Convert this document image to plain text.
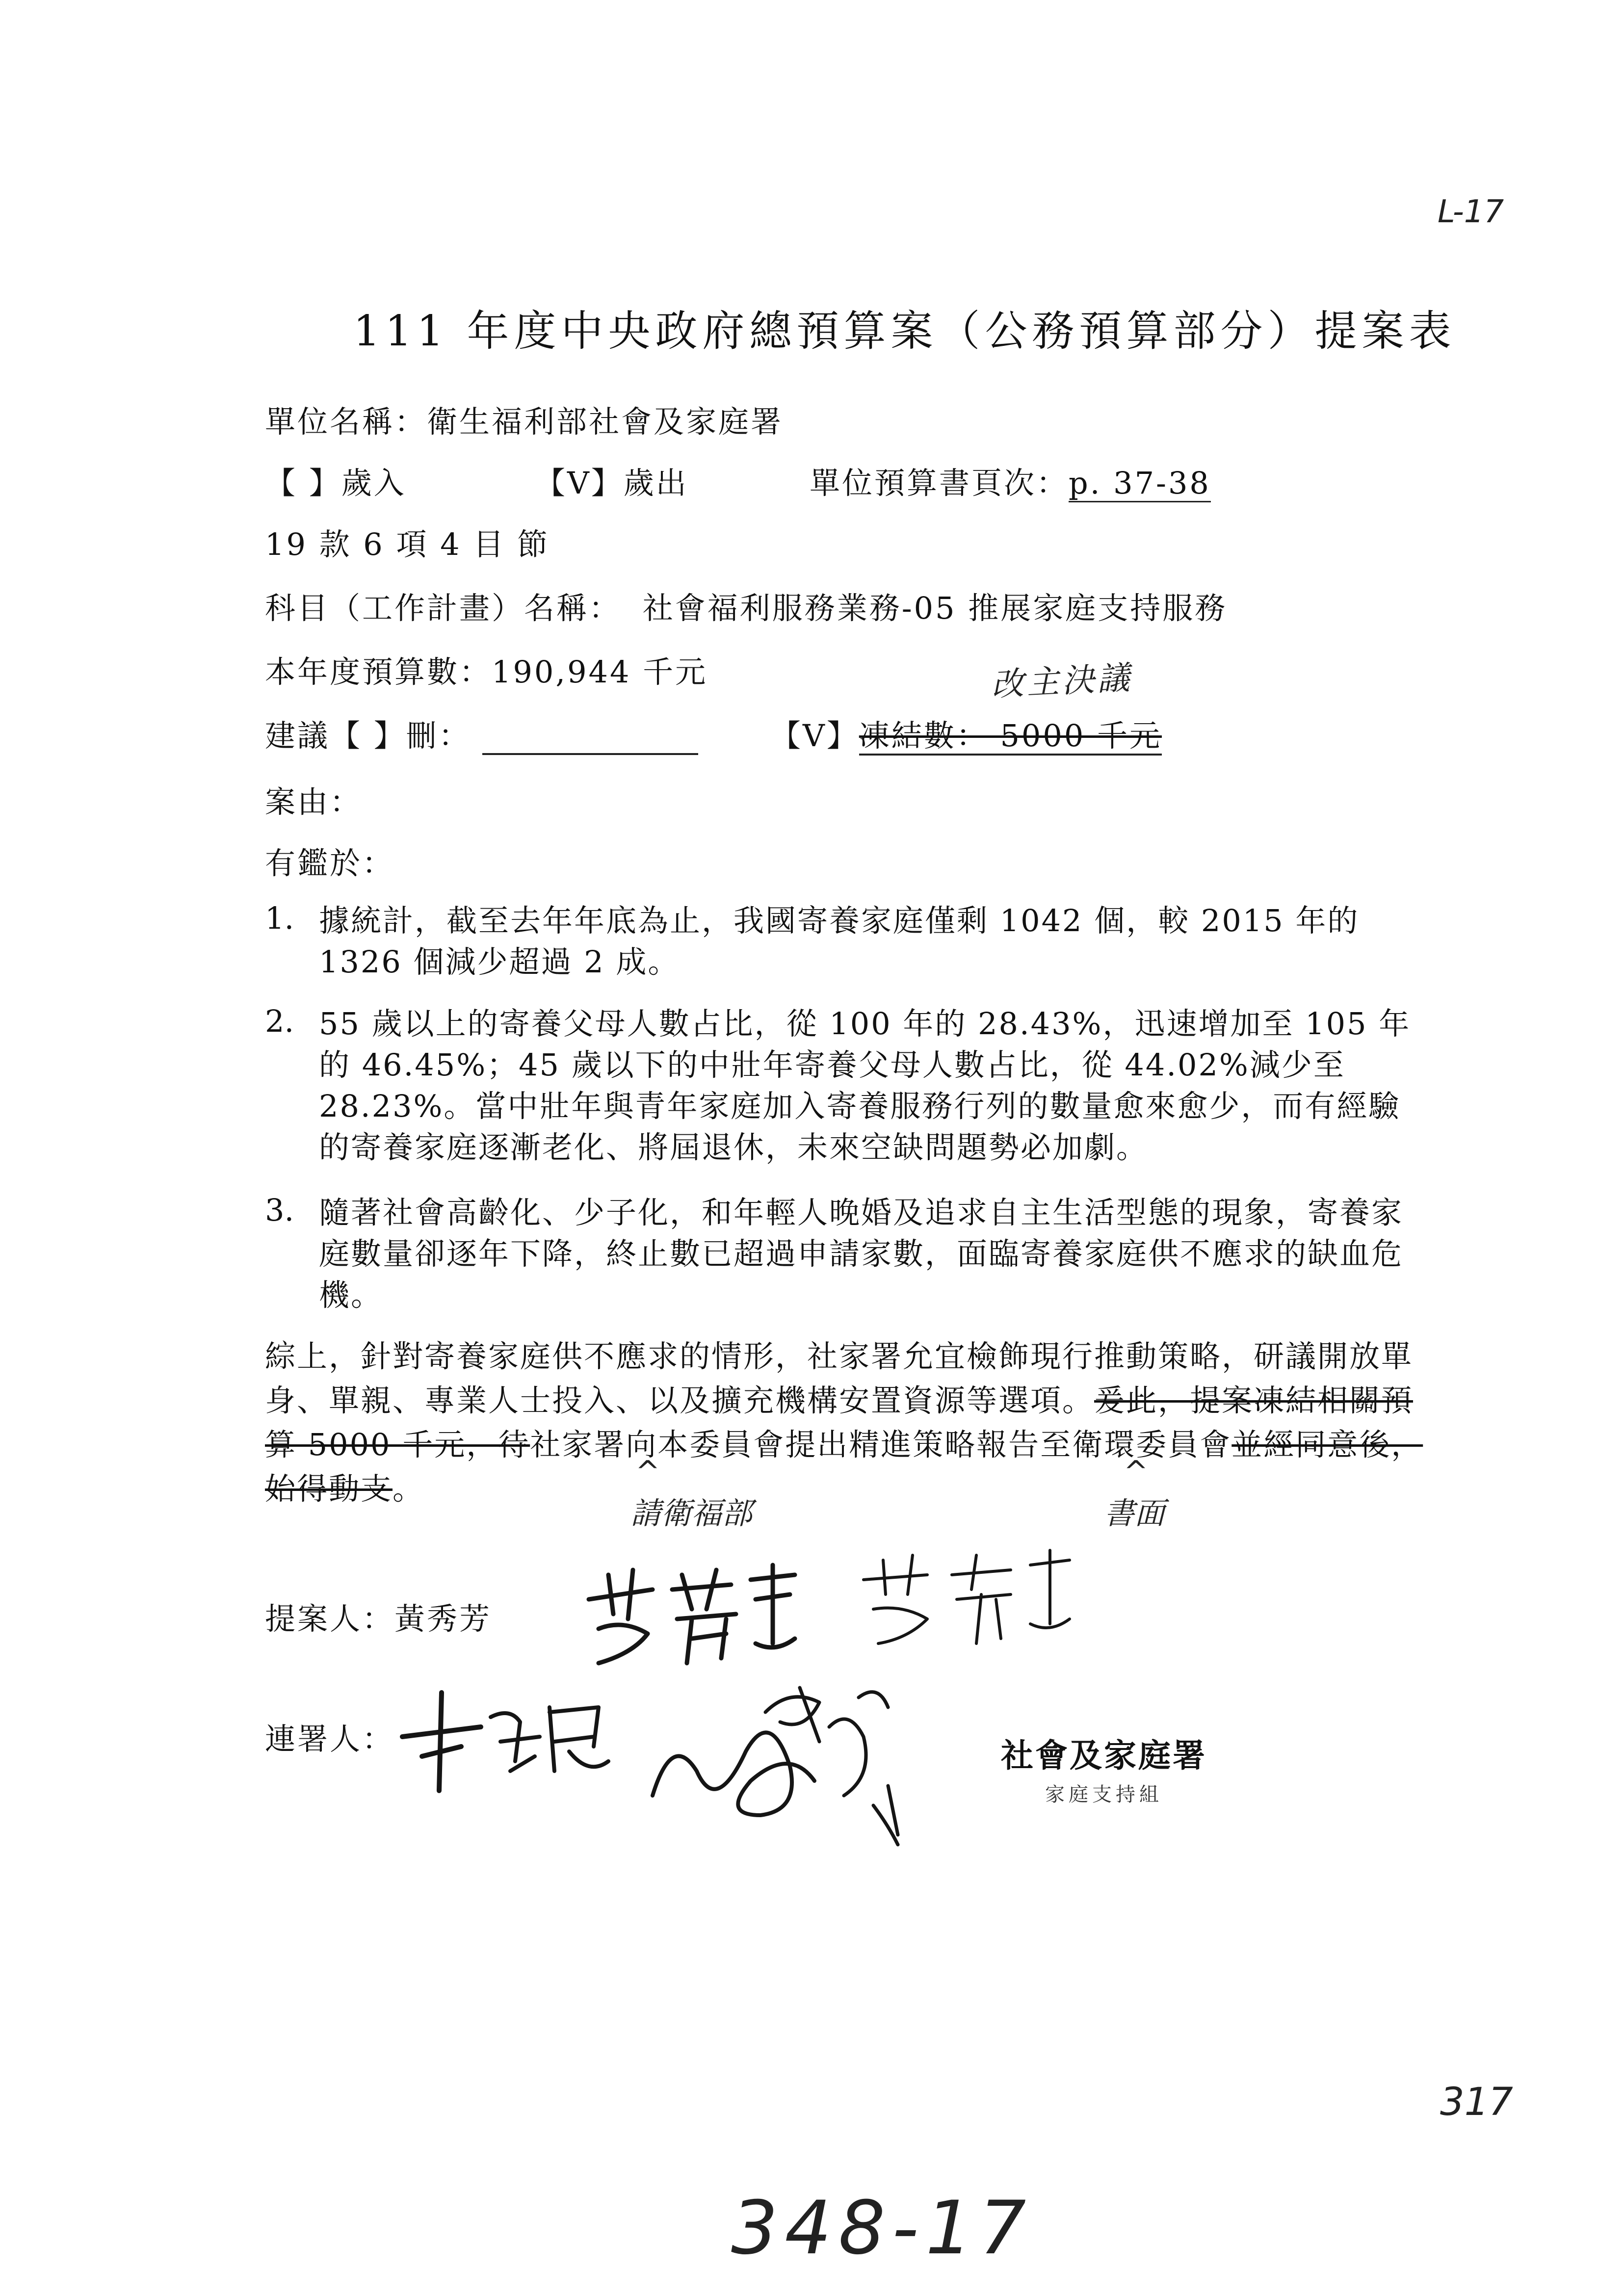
L-17
111 年度中央政府總預算案（公務預算部分）提案表
單位名稱：衛生福利部社會及家庭署
【 】歲入	【V】歲出	單位預算書頁次：p. 37-38
19 款 6 項 4 目 節
科目（工作計畫）名稱： 社會福利服務業務-05 推展家庭支持服務
本年度預算數：190,944 千元	改主決議
建議【 】刪：	【V】凍結數： 5000 千元
案由：
有鑑於：
1. 據統計，截至去年年底為止，我國寄養家庭僅剩 1042 個，較 2015 年的 1326 個減少超過 2 成。
2. 55 歲以上的寄養父母人數占比，從 100 年的 28.43%，迅速增加至 105 年的 46.45%；45 歲以下的中壯年寄養父母人數占比，從 44.02%減少至 28.23%。當中壯年與青年家庭加入寄養服務行列的數量愈來愈少，而有經驗的寄養家庭逐漸老化、將屆退休，未來空缺問題勢必加劇。
3. 隨著社會高齡化、少子化，和年輕人晚婚及追求自主生活型態的現象，寄養家庭數量卻逐年下降，終止數已超過申請家數，面臨寄養家庭供不應求的缺血危機。
綜上，針對寄養家庭供不應求的情形，社家署允宜檢飾現行推動策略，研議開放單身、單親、專業人士投入、以及擴充機構安置資源等選項。爰此，提案凍結相關預算 5000 千元，待社家署向本委員會提出精進策略報告至衛環委員會並經同意後，始得動支。	^
請衛福部
^
書面
提案人：黃秀芳
連署人：	社會及家庭署
家庭支持組
317
348-17
